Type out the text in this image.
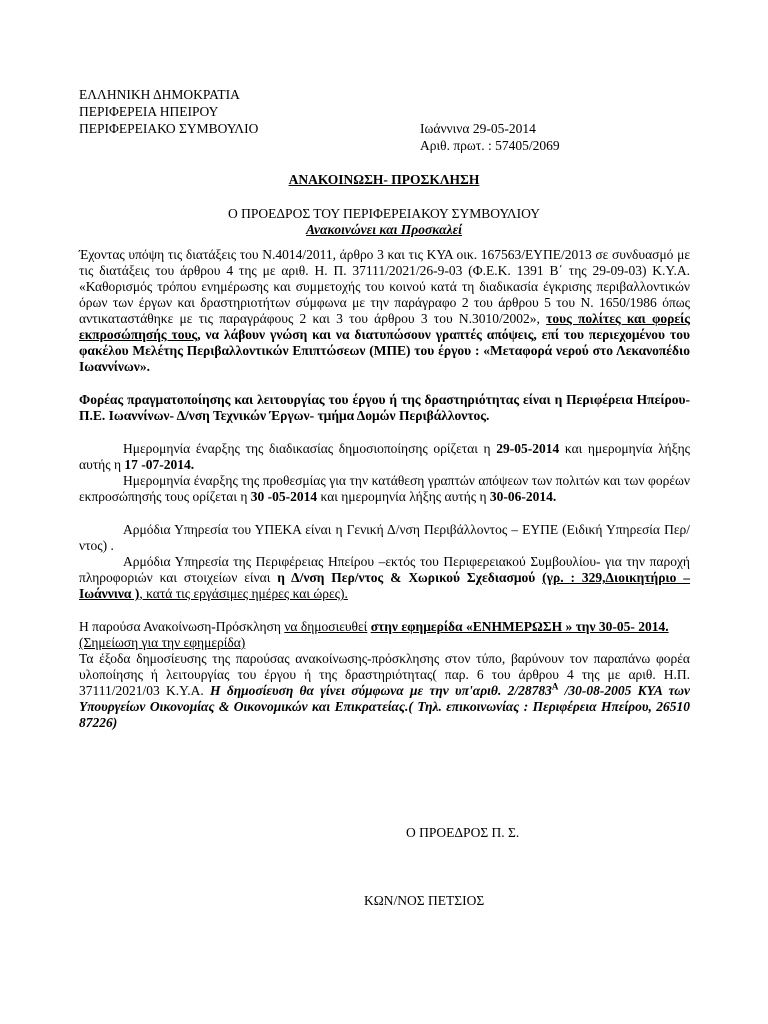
ΕΛΛΗΝΙΚΗ ΔΗΜΟΚΡΑΤΙΑ
ΠΕΡΙΦΕΡΕΙΑ ΗΠΕΙΡΟΥ
ΠΕΡΙΦΕΡΕΙΑΚΟ ΣΥΜΒΟΥΛΙΟ	Ιωάννινα 29-05-2014
Αριθ. πρωτ. : 57405/2069
ΑΝΑΚΟΙΝΩΣΗ- ΠΡΟΣΚΛΗΣΗ
Ο ΠΡΟΕΔΡΟΣ ΤΟΥ ΠΕΡΙΦΕΡΕΙΑΚΟΥ ΣΥΜΒΟΥΛΙΟΥ
Ανακοινώνει και Προσκαλεί

Έχοντας υπόψη τις διατάξεις του Ν.4014/2011, άρθρο 3 και τις ΚΥΑ οικ. 167563/ΕΥΠΕ/2013 σε συνδυασμό με τις διατάξεις του άρθρου 4 της με αριθ. Η. Π. 37111/2021/26-9-03 (Φ.Ε.Κ. 1391 Β΄ της 29-09-03) Κ.Υ.Α. «Καθορισμός τρόπου ενημέρωσης και συμμετοχής του κοινού κατά τη διαδικασία έγκρισης περιβαλλοντικών όρων των έργων και δραστηριοτήτων σύμφωνα με την παράγραφο 2 του άρθρου 5 του Ν. 1650/1986 όπως αντικαταστάθηκε με τις παραγράφους 2 και 3 του άρθρου 3 του Ν.3010/2002», τους πολίτες και φορείς εκπροσώπησής τους, να λάβουν γνώση και να διατυπώσουν γραπτές απόψεις, επί του περιεχομένου του φακέλου Μελέτης Περιβαλλοντικών Επιπτώσεων (ΜΠΕ) του έργου : «Μεταφορά νερού στο Λεκανοπέδιο Ιωαννίνων».

Φορέας πραγματοποίησης και λειτουργίας του έργου ή της δραστηριότητας είναι η Περιφέρεια Ηπείρου- Π.Ε. Ιωαννίνων- Δ/νση Τεχνικών Έργων- τμήμα Δομών Περιβάλλοντος.

Ημερομηνία έναρξης της διαδικασίας δημοσιοποίησης ορίζεται η 29-05-2014 και ημερομηνία λήξης αυτής η 17 -07-2014.

Ημερομηνία έναρξης της προθεσμίας για την κατάθεση γραπτών απόψεων των πολιτών και των φορέων εκπροσώπησής τους ορίζεται η 30 -05-2014 και ημερομηνία λήξης αυτής η 30-06-2014.

Αρμόδια Υπηρεσία του ΥΠΕΚΑ είναι η Γενική Δ/νση Περιβάλλοντος – ΕΥΠΕ (Ειδική Υπηρεσία Περ/ντος) .

Αρμόδια Υπηρεσία της Περιφέρειας Ηπείρου –εκτός του Περιφερειακού Συμβουλίου- για την παροχή πληροφοριών και στοιχείων είναι η Δ/νση Περ/ντος & Χωρικού Σχεδιασμού (γρ. : 329,Διοικητήριο –Ιωάννινα ), κατά τις εργάσιμες ημέρες και ώρες).

Η παρούσα Ανακοίνωση-Πρόσκληση να δημοσιευθεί στην εφημερίδα «ΕΝΗΜΕΡΩΣΗ » την 30-05- 2014.

(Σημείωση για την εφημερίδα)

Τα έξοδα δημοσίευσης της παρούσας ανακοίνωσης-πρόσκλησης στον τύπο, βαρύνουν τον παραπάνω φορέα υλοποίησης ή λειτουργίας του έργου ή της δραστηριότητας( παρ. 6 του άρθρου 4 της με αριθ. Η.Π. 37111/2021/03 Κ.Υ.Α. Η δημοσίευση θα γίνει σύμφωνα με την υπ'αριθ. $2/28783^A$ /30-08-2005 ΚΥΑ των Υπουργείων Οικονομίας & Οικονομικών και Επικρατείας.( Τηλ. επικοινωνίας : Περιφέρεια Ηπείρου, 26510 87226)

Ο ΠΡΟΕΔΡΟΣ Π. Σ.
ΚΩΝ/ΝΟΣ ΠΕΤΣΙΟΣ
